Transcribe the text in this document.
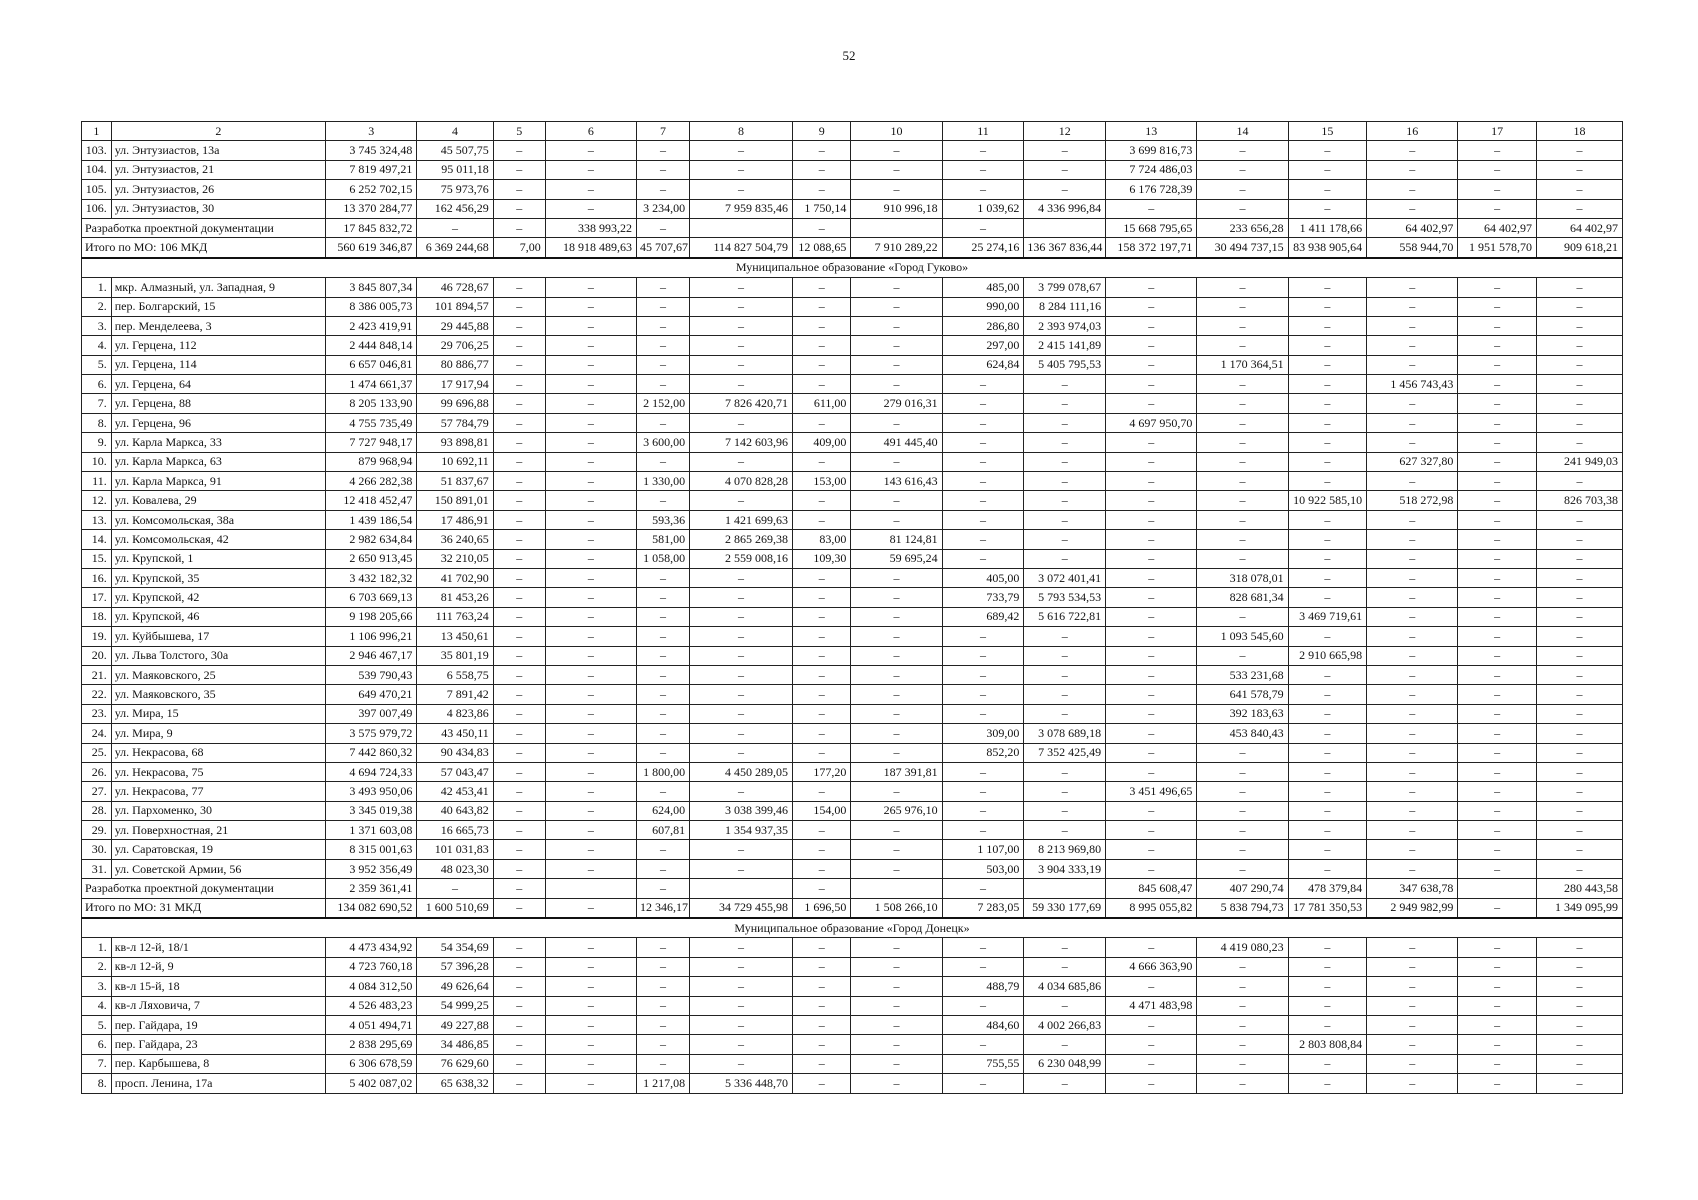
52
1	2	3	4	5	6	7	8	9	10	11	12	13	14	15	16	17	18
103.	ул. Энтузиастов, 13а	3 745 324,48	45 507,75	–	–	–	–	–	–	–	–	3 699 816,73	–	–	–	–	–
104.	ул. Энтузиастов, 21	7 819 497,21	95 011,18	–	–	–	–	–	–	–	–	7 724 486,03	–	–	–	–	–
105.	ул. Энтузиастов, 26	6 252 702,15	75 973,76	–	–	–	–	–	–	–	–	6 176 728,39	–	–	–	–	–
106.	ул. Энтузиастов, 30	13 370 284,77	162 456,29	–	–	3 234,00	7 959 835,46	1 750,14	910 996,18	1 039,62	4 336 996,84	–	–	–	–	–	–
Разработка проектной документации		17 845 832,72	–	–	338 993,22	–		–		–		15 668 795,65	233 656,28	1 411 178,66	64 402,97	64 402,97	64 402,97
Итого по МО: 106 МКД		560 619 346,87	6 369 244,68	7,00	18 918 489,63	45 707,67	114 827 504,79	12 088,65	7 910 289,22	25 274,16	136 367 836,44	158 372 197,71	30 494 737,15	83 938 905,64	558 944,70	1 951 578,70	909 618,21
Муниципальное образование «Город Гуково»																	
1.	мкр. Алмазный, ул. Западная, 9	3 845 807,34	46 728,67	–	–	–	–	–	–	485,00	3 799 078,67	–	–	–	–	–	–
2.	пер. Болгарский, 15	8 386 005,73	101 894,57	–	–	–	–	–	–	990,00	8 284 111,16	–	–	–	–	–	–
3.	пер. Менделеева, 3	2 423 419,91	29 445,88	–	–	–	–	–	–	286,80	2 393 974,03	–	–	–	–	–	–
4.	ул. Герцена, 112	2 444 848,14	29 706,25	–	–	–	–	–	–	297,00	2 415 141,89	–	–	–	–	–	–
5.	ул. Герцена, 114	6 657 046,81	80 886,77	–	–	–	–	–	–	624,84	5 405 795,53	–	1 170 364,51	–	–	–	–
6.	ул. Герцена, 64	1 474 661,37	17 917,94	–	–	–	–	–	–	–	–	–	–	–	1 456 743,43	–	–
7.	ул. Герцена, 88	8 205 133,90	99 696,88	–	–	2 152,00	7 826 420,71	611,00	279 016,31	–	–	–	–	–	–	–	–
8.	ул. Герцена, 96	4 755 735,49	57 784,79	–	–	–	–	–	–	–	–	4 697 950,70	–	–	–	–	–
9.	ул. Карла Маркса, 33	7 727 948,17	93 898,81	–	–	3 600,00	7 142 603,96	409,00	491 445,40	–	–	–	–	–	–	–	–
10.	ул. Карла Маркса, 63	879 968,94	10 692,11	–	–	–	–	–	–	–	–	–	–	–	627 327,80	–	241 949,03
11.	ул. Карла Маркса, 91	4 266 282,38	51 837,67	–	–	1 330,00	4 070 828,28	153,00	143 616,43	–	–	–	–	–	–	–	–
12.	ул. Ковалева, 29	12 418 452,47	150 891,01	–	–	–	–	–	–	–	–	–	–	10 922 585,10	518 272,98	–	826 703,38
13.	ул. Комсомольская, 38а	1 439 186,54	17 486,91	–	–	593,36	1 421 699,63	–	–	–	–	–	–	–	–	–	–
14.	ул. Комсомольская, 42	2 982 634,84	36 240,65	–	–	581,00	2 865 269,38	83,00	81 124,81	–	–	–	–	–	–	–	–
15.	ул. Крупской, 1	2 650 913,45	32 210,05	–	–	1 058,00	2 559 008,16	109,30	59 695,24	–	–	–	–	–	–	–	–
16.	ул. Крупской, 35	3 432 182,32	41 702,90	–	–	–	–	–	–	405,00	3 072 401,41	–	318 078,01	–	–	–	–
17.	ул. Крупской, 42	6 703 669,13	81 453,26	–	–	–	–	–	–	733,79	5 793 534,53	–	828 681,34	–	–	–	–
18.	ул. Крупской, 46	9 198 205,66	111 763,24	–	–	–	–	–	–	689,42	5 616 722,81	–	–	3 469 719,61	–	–	–
19.	ул. Куйбышева, 17	1 106 996,21	13 450,61	–	–	–	–	–	–	–	–	–	1 093 545,60	–	–	–	–
20.	ул. Льва Толстого, 30а	2 946 467,17	35 801,19	–	–	–	–	–	–	–	–	–	–	2 910 665,98	–	–	–
21.	ул. Маяковского, 25	539 790,43	6 558,75	–	–	–	–	–	–	–	–	–	533 231,68	–	–	–	–
22.	ул. Маяковского, 35	649 470,21	7 891,42	–	–	–	–	–	–	–	–	–	641 578,79	–	–	–	–
23.	ул. Мира, 15	397 007,49	4 823,86	–	–	–	–	–	–	–	–	–	392 183,63	–	–	–	–
24.	ул. Мира, 9	3 575 979,72	43 450,11	–	–	–	–	–	–	309,00	3 078 689,18	–	453 840,43	–	–	–	–
25.	ул. Некрасова, 68	7 442 860,32	90 434,83	–	–	–	–	–	–	852,20	7 352 425,49	–	–	–	–	–	–
26.	ул. Некрасова, 75	4 694 724,33	57 043,47	–	–	1 800,00	4 450 289,05	177,20	187 391,81	–	–	–	–	–	–	–	–
27.	ул. Некрасова, 77	3 493 950,06	42 453,41	–	–	–	–	–	–	–	–	3 451 496,65	–	–	–	–	–
28.	ул. Пархоменко, 30	3 345 019,38	40 643,82	–	–	624,00	3 038 399,46	154,00	265 976,10	–	–	–	–	–	–	–	–
29.	ул. Поверхностная, 21	1 371 603,08	16 665,73	–	–	607,81	1 354 937,35	–	–	–	–	–	–	–	–	–	–
30.	ул. Саратовская, 19	8 315 001,63	101 031,83	–	–	–	–	–	–	1 107,00	8 213 969,80	–	–	–	–	–	–
31.	ул. Советской Армии, 56	3 952 356,49	48 023,30	–	–	–	–	–	–	503,00	3 904 333,19	–	–	–	–	–	–
Разработка проектной документации		2 359 361,41	–	–		–		–		–		845 608,47	407 290,74	478 379,84	347 638,78		280 443,58
Итого по МО: 31 МКД		134 082 690,52	1 600 510,69	–	–	12 346,17	34 729 455,98	1 696,50	1 508 266,10	7 283,05	59 330 177,69	8 995 055,82	5 838 794,73	17 781 350,53	2 949 982,99	–	1 349 095,99
Муниципальное образование «Город Донецк»																	
1.	кв-л 12-й, 18/1	4 473 434,92	54 354,69	–	–	–	–	–	–	–	–	–	4 419 080,23	–	–	–	–
2.	кв-л 12-й, 9	4 723 760,18	57 396,28	–	–	–	–	–	–	–	–	4 666 363,90	–	–	–	–	–
3.	кв-л 15-й, 18	4 084 312,50	49 626,64	–	–	–	–	–	–	488,79	4 034 685,86	–	–	–	–	–	–
4.	кв-л Ляховича, 7	4 526 483,23	54 999,25	–	–	–	–	–	–	–	–	4 471 483,98	–	–	–	–	–
5.	пер. Гайдара, 19	4 051 494,71	49 227,88	–	–	–	–	–	–	484,60	4 002 266,83	–	–	–	–	–	–
6.	пер. Гайдара, 23	2 838 295,69	34 486,85	–	–	–	–	–	–	–	–	–	–	2 803 808,84	–	–	–
7.	пер. Карбышева, 8	6 306 678,59	76 629,60	–	–	–	–	–	–	755,55	6 230 048,99	–	–	–	–	–	–
8.	просп. Ленина, 17а	5 402 087,02	65 638,32	–	–	1 217,08	5 336 448,70	–	–	–	–	–	–	–	–	–	–
